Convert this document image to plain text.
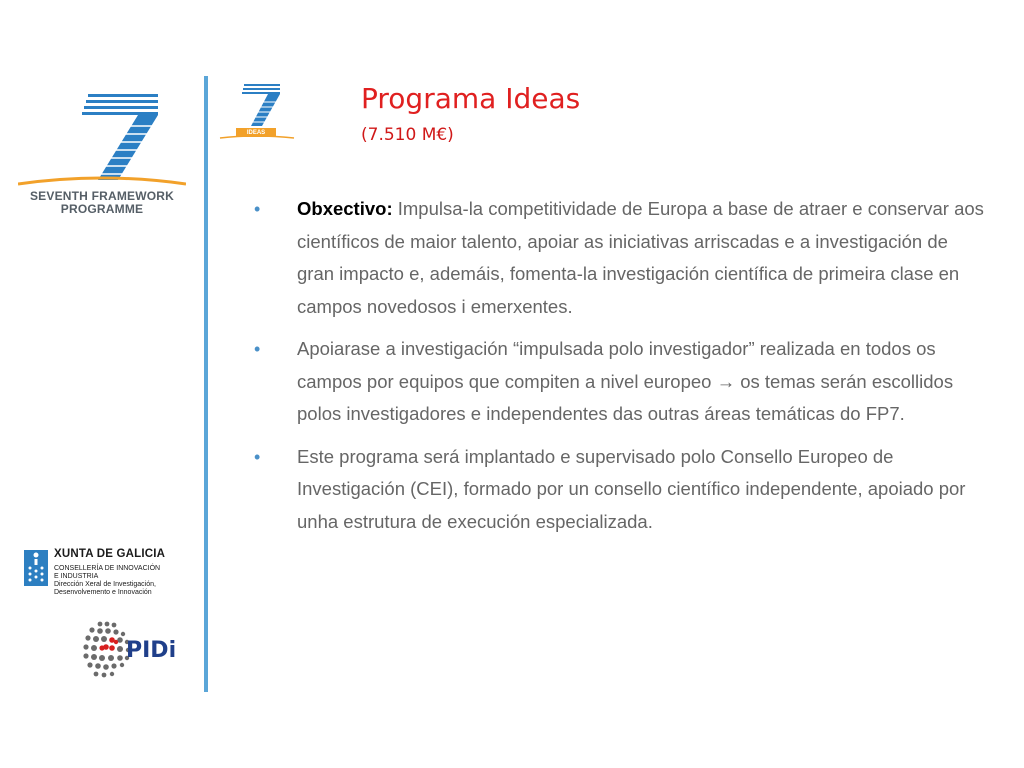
SEVENTH FRAMEWORK
PROGRAMME
IDEAS
Programa Ideas
(7.510 M€)
• Obxectivo: Impulsa-la competitividade de Europa a base de atraer e conservar aos científicos de maior talento, apoiar as iniciativas arriscadas e a investigación de gran impacto e, ademáis, fomenta-la investigación científica de primeira clase en campos novedosos i emerxentes.
• Apoiarase a investigación “impulsada polo investigador” realizada en todos os campos por equipos que compiten a nivel europeo → os temas serán escollidos polos investigadores e independentes das outras áreas temáticas do FP7.
• Este programa será implantado e supervisado polo Consello Europeo de Investigación (CEI), formado por un consello científico independente, apoiado por unha estrutura de execución especializada.
XUNTA DE GALICIA
CONSELLERÍA DE INNOVACIÓN
E INDUSTRIA
Dirección Xeral de Investigación,
Desenvolvemento e Innovación
PIDi
